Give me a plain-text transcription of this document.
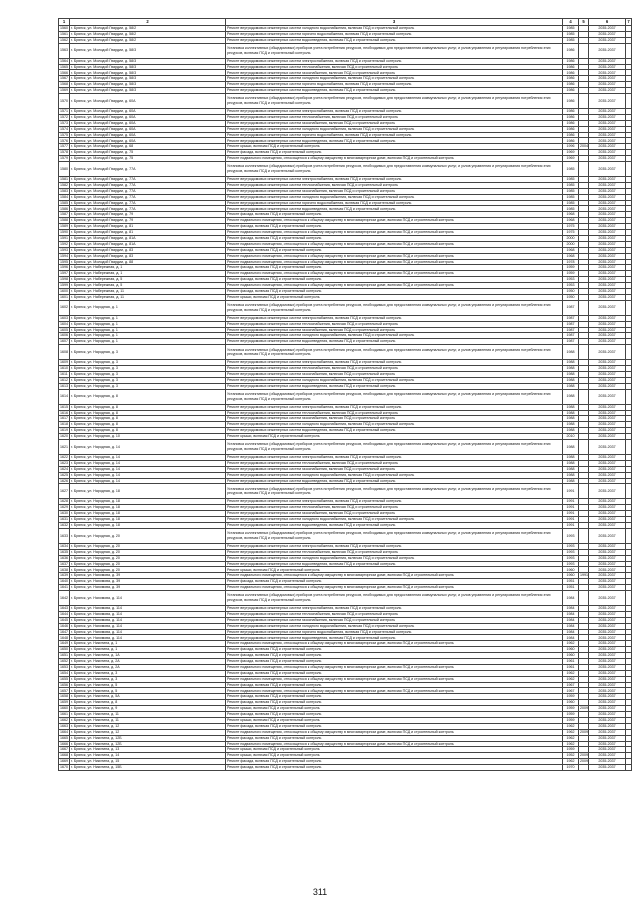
1	2	3	4	5	6	7
1560	г. Брянск, ул. Молодой Гвардии, д. 58/2	Ремонт внутридомовых инженерных систем холодного водоснабжения, включая ПСД и строительный контроль	1985		2035-2037	
1561	г. Брянск, ул. Молодой Гвардии, д. 58/2	Ремонт внутридомовых инженерных систем горячего водоснабжения, включая ПСД и строительный контроль	1985		2035-2037	
1562	г. Брянск, ул. Молодой Гвардии, д. 58/2	Ремонт внутридомовых инженерных систем водоотведения, включая ПСД и строительный контроль	1985		2035-2037	
1563	г. Брянск, ул. Молодой Гвардии, д. 58/3	Установка коллективных (общедомовых) приборов учета потребления ресурсов, необходимых для предоставления коммунальных услуг, и узлов управления и регулирования потребления этих ресурсов, включая ПСД и строительный контроль	1986		2035-2037	
1564	г. Брянск, ул. Молодой Гвардии, д. 58/3	Ремонт внутридомовых инженерных систем электроснабжения, включая ПСД и строительный контроль	1986		2035-2037	
1565	г. Брянск, ул. Молодой Гвардии, д. 58/3	Ремонт внутридомовых инженерных систем теплоснабжения, включая ПСД и строительный контроль	1986		2035-2037	
1566	г. Брянск, ул. Молодой Гвардии, д. 58/3	Ремонт внутридомовых инженерных систем газоснабжения, включая ПСД и строительный контроль	1986		2035-2037	
1567	г. Брянск, ул. Молодой Гвардии, д. 58/3	Ремонт внутридомовых инженерных систем холодного водоснабжения, включая ПСД и строительный контроль	1986		2035-2037	
1568	г. Брянск, ул. Молодой Гвардии, д. 58/3	Ремонт внутридомовых инженерных систем горячего водоснабжения, включая ПСД и строительный контроль	1986		2035-2037	
1569	г. Брянск, ул. Молодой Гвардии, д. 58/3	Ремонт внутридомовых инженерных систем водоотведения, включая ПСД и строительный контроль	1986		2035-2037	
1570	г. Брянск, ул. Молодой Гвардии, д. 60А	Установка коллективных (общедомовых) приборов учета потребления ресурсов, необходимых для предоставления коммунальных услуг, и узлов управления и регулирования потребления этих ресурсов, включая ПСД и строительный контроль	1986		2035-2037	
1571	г. Брянск, ул. Молодой Гвардии, д. 60А	Ремонт внутридомовых инженерных систем электроснабжения, включая ПСД и строительный контроль	1986		2035-2037	
1572	г. Брянск, ул. Молодой Гвардии, д. 60А	Ремонт внутридомовых инженерных систем теплоснабжения, включая ПСД и строительный контроль	1986		2035-2037	
1573	г. Брянск, ул. Молодой Гвардии, д. 60А	Ремонт внутридомовых инженерных систем газоснабжения, включая ПСД и строительный контроль	1986		2035-2037	
1574	г. Брянск, ул. Молодой Гвардии, д. 60А	Ремонт внутридомовых инженерных систем холодного водоснабжения, включая ПСД и строительный контроль	1986		2035-2037	
1575	г. Брянск, ул. Молодой Гвардии, д. 60А	Ремонт внутридомовых инженерных систем горячего водоснабжения, включая ПСД и строительный контроль	1986		2035-2037	
1576	г. Брянск, ул. Молодой Гвардии, д. 60А	Ремонт внутридомовых инженерных систем водоотведения, включая ПСД и строительный контроль	1986		2035-2037	
1577	г. Брянск, ул. Молодой Гвардии, д. 68	Ремонт крыши, включая ПСД и строительный контроль	1996	2004	2035-2037	
1578	г. Брянск, ул. Молодой Гвардии, д. 75	Ремонт фасада, включая ПСД и строительный контроль	1969		2035-2037	
1579	г. Брянск, ул. Молодой Гвардии, д. 75	Ремонт подвального помещения, относящегося к общему имуществу в многоквартирном доме, включая ПСД и строительный контроль	1969		2035-2037	
1580	г. Брянск, ул. Молодой Гвардии, д. 77А	Установка коллективных (общедомовых) приборов учета потребления ресурсов, необходимых для предоставления коммунальных услуг, и узлов управления и регулирования потребления этих ресурсов, включая ПСД и строительный контроль	1985		2035-2037	
1581	г. Брянск, ул. Молодой Гвардии, д. 77А	Ремонт внутридомовых инженерных систем электроснабжения, включая ПСД и строительный контроль	1985		2035-2037	
1582	г. Брянск, ул. Молодой Гвардии, д. 77А	Ремонт внутридомовых инженерных систем теплоснабжения, включая ПСД и строительный контроль	1985		2035-2037	
1583	г. Брянск, ул. Молодой Гвардии, д. 77А	Ремонт внутридомовых инженерных систем газоснабжения, включая ПСД и строительный контроль	1985		2035-2037	
1584	г. Брянск, ул. Молодой Гвардии, д. 77А	Ремонт внутридомовых инженерных систем холодного водоснабжения, включая ПСД и строительный контроль	1985		2035-2037	
1585	г. Брянск, ул. Молодой Гвардии, д. 77А	Ремонт внутридомовых инженерных систем горячего водоснабжения, включая ПСД и строительный контроль	1985		2035-2037	
1586	г. Брянск, ул. Молодой Гвардии, д. 77А	Ремонт внутридомовых инженерных систем водоотведения, включая ПСД и строительный контроль	1985		2035-2037	
1587	г. Брянск, ул. Молодой Гвардии, д. 79	Ремонт фасада, включая ПСД и строительный контроль	1968		2035-2037	
1588	г. Брянск, ул. Молодой Гвардии, д. 79	Ремонт подвального помещения, относящегося к общему имуществу в многоквартирном доме, включая ПСД и строительный контроль	1968		2035-2037	
1589	г. Брянск, ул. Молодой Гвардии, д. 81	Ремонт фасада, включая ПСД и строительный контроль	1975		2035-2037	
1590	г. Брянск, ул. Молодой Гвардии, д. 81	Ремонт подвального помещения, относящегося к общему имуществу в многоквартирном доме, включая ПСД и строительный контроль	1975		2035-2037	
1591	г. Брянск, ул. Молодой Гвардии, д. 81А	Ремонт фасада, включая ПСД и строительный контроль	2000		2035-2037	
1592	г. Брянск, ул. Молодой Гвардии, д. 81А	Ремонт подвального помещения, относящегося к общему имуществу в многоквартирном доме, включая ПСД и строительный контроль	2000		2035-2037	
1593	г. Брянск, ул. Молодой Гвардии, д. 83	Ремонт фасада, включая ПСД и строительный контроль	1968		2035-2037	
1594	г. Брянск, ул. Молодой Гвардии, д. 83	Ремонт подвального помещения, относящегося к общему имуществу в многоквартирном доме, включая ПСД и строительный контроль	1968		2035-2037	
1595	г. Брянск, ул. Молодой Гвардии, д. 88	Ремонт подвального помещения, относящегося к общему имуществу в многоквартирном доме, включая ПСД и строительный контроль	1978		2035-2037	
1596	г. Брянск, ул. Набережная, д. 1	Ремонт фасада, включая ПСД и строительный контроль	1959		2035-2037	
1597	г. Брянск, ул. Набережная, д. 1	Ремонт подвального помещения, относящегося к общему имуществу в многоквартирном доме, включая ПСД и строительный контроль	1959		2035-2037	
1598	г. Брянск, ул. Набережная, д. 5	Ремонт фасада, включая ПСД и строительный контроль	1953		2035-2037	
1599	г. Брянск, ул. Набережная, д. 5	Ремонт подвального помещения, относящегося к общему имуществу в многоквартирном доме, включая ПСД и строительный контроль	1953		2035-2037	
1600	г. Брянск, ул. Набережная, д. 11	Ремонт фасада, включая ПСД и строительный контроль	1950		2035-2037	
1601	г. Брянск, ул. Набережная, д. 11	Ремонт крыши, включая ПСД и строительный контроль	1950		2035-2037	
1602	г. Брянск, ул. Народная, д. 1	Установка коллективных (общедомовых) приборов учета потребления ресурсов, необходимых для предоставления коммунальных услуг, и узлов управления и регулирования потребления этих ресурсов, включая ПСД и строительный контроль	1987		2035-2037	
1603	г. Брянск, ул. Народная, д. 1	Ремонт внутридомовых инженерных систем электроснабжения, включая ПСД и строительный контроль	1987		2035-2037	
1604	г. Брянск, ул. Народная, д. 1	Ремонт внутридомовых инженерных систем теплоснабжения, включая ПСД и строительный контроль	1987		2035-2037	
1605	г. Брянск, ул. Народная, д. 1	Ремонт внутридомовых инженерных систем газоснабжения, включая ПСД и строительный контроль	1987		2035-2037	
1606	г. Брянск, ул. Народная, д. 1	Ремонт внутридомовых инженерных систем холодного водоснабжения, включая ПСД и строительный контроль	1987		2035-2037	
1607	г. Брянск, ул. Народная, д. 1	Ремонт внутридомовых инженерных систем водоотведения, включая ПСД и строительный контроль	1987		2035-2037	
1608	г. Брянск, ул. Народная, д. 3	Установка коллективных (общедомовых) приборов учета потребления ресурсов, необходимых для предоставления коммунальных услуг, и узлов управления и регулирования потребления этих ресурсов, включая ПСД и строительный контроль	1988		2035-2037	
1609	г. Брянск, ул. Народная, д. 3	Ремонт внутридомовых инженерных систем электроснабжения, включая ПСД и строительный контроль	1988		2035-2037	
1610	г. Брянск, ул. Народная, д. 3	Ремонт внутридомовых инженерных систем теплоснабжения, включая ПСД и строительный контроль	1988		2035-2037	
1611	г. Брянск, ул. Народная, д. 3	Ремонт внутридомовых инженерных систем газоснабжения, включая ПСД и строительный контроль	1988		2035-2037	
1612	г. Брянск, ул. Народная, д. 3	Ремонт внутридомовых инженерных систем холодного водоснабжения, включая ПСД и строительный контроль	1988		2035-2037	
1613	г. Брянск, ул. Народная, д. 3	Ремонт внутридомовых инженерных систем водоотведения, включая ПСД и строительный контроль	1988		2035-2037	
1614	г. Брянск, ул. Народная, д. 8	Установка коллективных (общедомовых) приборов учета потребления ресурсов, необходимых для предоставления коммунальных услуг, и узлов управления и регулирования потребления этих ресурсов, включая ПСД и строительный контроль	1988		2035-2037	
1615	г. Брянск, ул. Народная, д. 8	Ремонт внутридомовых инженерных систем электроснабжения, включая ПСД и строительный контроль	1988		2035-2037	
1616	г. Брянск, ул. Народная, д. 8	Ремонт внутридомовых инженерных систем теплоснабжения, включая ПСД и строительный контроль	1988		2035-2037	
1617	г. Брянск, ул. Народная, д. 8	Ремонт внутридомовых инженерных систем газоснабжения, включая ПСД и строительный контроль	1988		2035-2037	
1618	г. Брянск, ул. Народная, д. 8	Ремонт внутридомовых инженерных систем холодного водоснабжения, включая ПСД и строительный контроль	1988		2035-2037	
1619	г. Брянск, ул. Народная, д. 8	Ремонт внутридомовых инженерных систем водоотведения, включая ПСД и строительный контроль	1988		2035-2037	
1620	г. Брянск, ул. Народная, д. 10	Ремонт крыши, включая ПСД и строительный контроль	2010		2035-2037	
1621	г. Брянск, ул. Народная, д. 14	Установка коллективных (общедомовых) приборов учета потребления ресурсов, необходимых для предоставления коммунальных услуг, и узлов управления и регулирования потребления этих ресурсов, включая ПСД и строительный контроль	1988		2035-2037	
1622	г. Брянск, ул. Народная, д. 14	Ремонт внутридомовых инженерных систем электроснабжения, включая ПСД и строительный контроль	1988		2035-2037	
1623	г. Брянск, ул. Народная, д. 14	Ремонт внутридомовых инженерных систем теплоснабжения, включая ПСД и строительный контроль	1988		2035-2037	
1624	г. Брянск, ул. Народная, д. 14	Ремонт внутридомовых инженерных систем газоснабжения, включая ПСД и строительный контроль	1988		2035-2037	
1625	г. Брянск, ул. Народная, д. 14	Ремонт внутридомовых инженерных систем холодного водоснабжения, включая ПСД и строительный контроль	1988		2035-2037	
1626	г. Брянск, ул. Народная, д. 14	Ремонт внутридомовых инженерных систем водоотведения, включая ПСД и строительный контроль	1988		2035-2037	
1627	г. Брянск, ул. Народная, д. 18	Установка коллективных (общедомовых) приборов учета потребления ресурсов, необходимых для предоставления коммунальных услуг, и узлов управления и регулирования потребления этих ресурсов, включая ПСД и строительный контроль	1991		2035-2037	
1628	г. Брянск, ул. Народная, д. 18	Ремонт внутридомовых инженерных систем электроснабжения, включая ПСД и строительный контроль	1991		2035-2037	
1629	г. Брянск, ул. Народная, д. 18	Ремонт внутридомовых инженерных систем теплоснабжения, включая ПСД и строительный контроль	1991		2035-2037	
1630	г. Брянск, ул. Народная, д. 18	Ремонт внутридомовых инженерных систем газоснабжения, включая ПСД и строительный контроль	1991		2035-2037	
1631	г. Брянск, ул. Народная, д. 18	Ремонт внутридомовых инженерных систем холодного водоснабжения, включая ПСД и строительный контроль	1991		2035-2037	
1632	г. Брянск, ул. Народная, д. 18	Ремонт внутридомовых инженерных систем водоотведения, включая ПСД и строительный контроль	1991		2035-2037	
1633	г. Брянск, ул. Народная, д. 20	Установка коллективных (общедомовых) приборов учета потребления ресурсов, необходимых для предоставления коммунальных услуг, и узлов управления и регулирования потребления этих ресурсов, включая ПСД и строительный контроль	1993		2035-2037	
1634	г. Брянск, ул. Народная, д. 20	Ремонт внутридомовых инженерных систем электроснабжения, включая ПСД и строительный контроль	1993		2035-2037	
1635	г. Брянск, ул. Народная, д. 20	Ремонт внутридомовых инженерных систем теплоснабжения, включая ПСД и строительный контроль	1993		2035-2037	
1636	г. Брянск, ул. Народная, д. 20	Ремонт внутридомовых инженерных систем холодного водоснабжения, включая ПСД и строительный контроль	1993		2035-2037	
1637	г. Брянск, ул. Народная, д. 20	Ремонт внутридомовых инженерных систем водоотведения, включая ПСД и строительный контроль	1993		2035-2037	
1638	г. Брянск, ул. Народная, д. 20	Ремонт крыши, включая ПСД и строительный контроль	1960		2035-2037	
1639	г. Брянск, ул. Нахимова, д. 39	Ремонт подвального помещения, относящегося к общему имуществу в многоквартирном доме, включая ПСД и строительный контроль	1960	1991	2035-2037	
1640	г. Брянск, ул. Нахимова, д. 39	Ремонт фасада, включая ПСД и строительный контроль	1951		2035-2037	
1641	г. Брянск, ул. Нахимова, д. 39	Ремонт подвального помещения, относящегося к общему имуществу в многоквартирном доме, включая ПСД и строительный контроль	1951		2035-2037	
1642	г. Брянск, ул. Нахимова, д. 114	Установка коллективных (общедомовых) приборов учета потребления ресурсов, необходимых для предоставления коммунальных услуг, и узлов управления и регулирования потребления этих ресурсов, включая ПСД и строительный контроль	1984		2035-2037	
1643	г. Брянск, ул. Нахимова, д. 114	Ремонт внутридомовых инженерных систем электроснабжения, включая ПСД и строительный контроль	1984		2035-2037	
1644	г. Брянск, ул. Нахимова, д. 114	Ремонт внутридомовых инженерных систем теплоснабжения, включая ПСД и строительный контроль	1984		2035-2037	
1645	г. Брянск, ул. Нахимова, д. 114	Ремонт внутридомовых инженерных систем газоснабжения, включая ПСД и строительный контроль	1984		2035-2037	
1646	г. Брянск, ул. Нахимова, д. 114	Ремонт внутридомовых инженерных систем холодного водоснабжения, включая ПСД и строительный контроль	1984		2035-2037	
1647	г. Брянск, ул. Нахимова, д. 114	Ремонт внутридомовых инженерных систем горячего водоснабжения, включая ПСД и строительный контроль	1984		2035-2037	
1648	г. Брянск, ул. Нахимова, д. 114	Ремонт внутридомовых инженерных систем водоотведения, включая ПСД и строительный контроль	1984		2035-2037	
1649	г. Брянск, ул. Никитина, д. 1	Ремонт подвального помещения, относящегося к общему имуществу в многоквартирном доме, включая ПСД и строительный контроль	1962		2035-2037	
1650	г. Брянск, ул. Никитина, д. 1	Ремонт фасада, включая ПСД и строительный контроль	1960		2035-2037	
1651	г. Брянск, ул. Никитина, д. 1А	Ремонт фасада, включая ПСД и строительный контроль	1960		2035-2037	
1652	г. Брянск, ул. Никитина, д. 2А	Ремонт фасада, включая ПСД и строительный контроль	1961		2035-2037	
1653	г. Брянск, ул. Никитина, д. 2А	Ремонт подвального помещения, относящегося к общему имуществу в многоквартирном доме, включая ПСД и строительный контроль	1961		2035-2037	
1654	г. Брянск, ул. Никитина, д. 3	Ремонт фасада, включая ПСД и строительный контроль	1962		2035-2037	
1655	г. Брянск, ул. Никитина, д. 3	Ремонт подвального помещения, относящегося к общему имуществу в многоквартирном доме, включая ПСД и строительный контроль	1962		2035-2037	
1656	г. Брянск, ул. Никитина, д. 5	Ремонт фасада, включая ПСД и строительный контроль	1967		2035-2037	
1657	г. Брянск, ул. Никитина, д. 5	Ремонт подвального помещения, относящегося к общему имуществу в многоквартирном доме, включая ПСД и строительный контроль	1967		2035-2037	
1658	г. Брянск, ул. Никитина, д. 5А	Ремонт фасада, включая ПСД и строительный контроль	1959		2035-2037	
1659	г. Брянск, ул. Никитина, д. 8	Ремонт фасада, включая ПСД и строительный контроль	1960		2035-2037	
1660	г. Брянск, ул. Никитина, д. 9	Ремонт крыши, включая ПСД и строительный контроль	1959	2009	2035-2037	
1661	г. Брянск, ул. Никитина, д. 11	Ремонт фасада, включая ПСД и строительный контроль	1959		2035-2037	
1662	г. Брянск, ул. Никитина, д. 11	Ремонт крыши, включая ПСД и строительный контроль	1959		2035-2037	
1663	г. Брянск, ул. Никитина, д. 12	Ремонт фасада, включая ПСД и строительный контроль	1962		2035-2037	
1664	г. Брянск, ул. Никитина, д. 12	Ремонт подвального помещения, относящегося к общему имуществу в многоквартирном доме, включая ПСД и строительный контроль	1962	2009	2035-2037	
1665	г. Брянск, ул. Никитина, д. 12Б	Ремонт фасада, включая ПСД и строительный контроль	1962		2035-2037	
1666	г. Брянск, ул. Никитина, д. 12Б	Ремонт подвального помещения, относящегося к общему имуществу в многоквартирном доме, включая ПСД и строительный контроль	1962		2035-2037	
1667	г. Брянск, ул. Никитина, д. 13	Ремонт крыши, включая ПСД и строительный контроль	1959		2035-2037	
1668	г. Брянск, ул. Никитина, д. 14	Ремонт крыши, включая ПСД и строительный контроль	1952	2009	2035-2037	
1669	г. Брянск, ул. Никитина, д. 15	Ремонт фасада, включая ПСД и строительный контроль	1962	2009	2035-2037	
1670	г. Брянск, ул. Никитина, д. 15Б	Ремонт фасада, включая ПСД и строительный контроль	1970		2035-2037	
311
